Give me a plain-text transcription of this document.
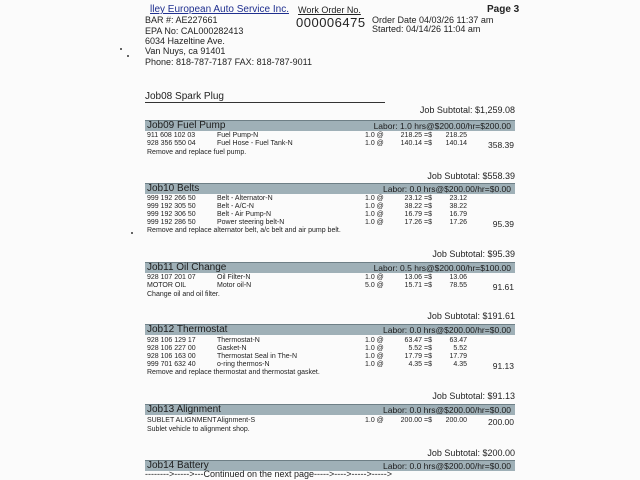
lley European Auto Service Inc.
BAR #: AE227661
EPA No: CAL000282413
6034 Hazeltine Ave.
Van Nuys, ca 91401
Phone: 818-787-7187 FAX: 818-787-9011
Work Order No.
000006475 Order Date 04/03/26 11:37 am
Started: 04/14/26 11:04 am
Page 3
Job08 Spark Plug
Job Subtotal: $1,259.08
Job09 Fuel Pump	Labor: 1.0 hrs@$200.00/hr=$200.00
911 608 102 03	Fuel Pump-N	1.0 @	218.25 =$	218.25
928 356 550 04	Fuel Hose - Fuel Tank-N	1.0 @	140.14 =$	140.14	358.39
Remove and replace fuel pump.
Job Subtotal: $558.39
Job10 Belts	Labor: 0.0 hrs@$200.00/hr=$0.00
999 192 266 50	Belt - Alternator-N	1.0 @	23.12 =$	23.12
999 192 305 50	Belt - A/C-N	1.0 @	38.22 =$	38.22
999 192 306 50	Belt - Air Pump-N	1.0 @	16.79 =$	16.79
999 192 286 50	Power steering belt-N	1.0 @	17.26 =$	17.26	95.39
Remove and replace alternator belt, a/c belt and air pump belt.
Job Subtotal: $95.39
Job11 Oil Change	Labor: 0.5 hrs@$200.00/hr=$100.00
928 107 201 07	Oil Filter-N	1.0 @	13.06 =$	13.06
MOTOR OIL	Motor oil-N	5.0 @	15.71 =$	78.55	91.61
Change oil and oil filter.
Job Subtotal: $191.61
Job12 Thermostat	Labor: 0.0 hrs@$200.00/hr=$0.00
928 106 129 17	Thermostat-N	1.0 @	63.47 =$	63.47
928 106 227 00	Gasket-N	1.0 @	5.52 =$	5.52
928 106 163 00	Thermostat Seal in The-N	1.0 @	17.79 =$	17.79
999 701 632 40	o-ring thermos-N	1.0 @	4.35 =$	4.35	91.13
Remove and replace thermostat and thermostat gasket.
Job Subtotal: $91.13
Job13 Alignment	Labor: 0.0 hrs@$200.00/hr=$0.00
SUBLET ALIGNMENT Alignment-S	1.0 @	200.00 =$	200.00	200.00
Sublet vehicle to alignment shop.
Job Subtotal: $200.00
Job14 Battery	Labor: 0.0 hrs@$200.00/hr=$0.00
-------->----->---Continued on the next page----->---->----->----->
